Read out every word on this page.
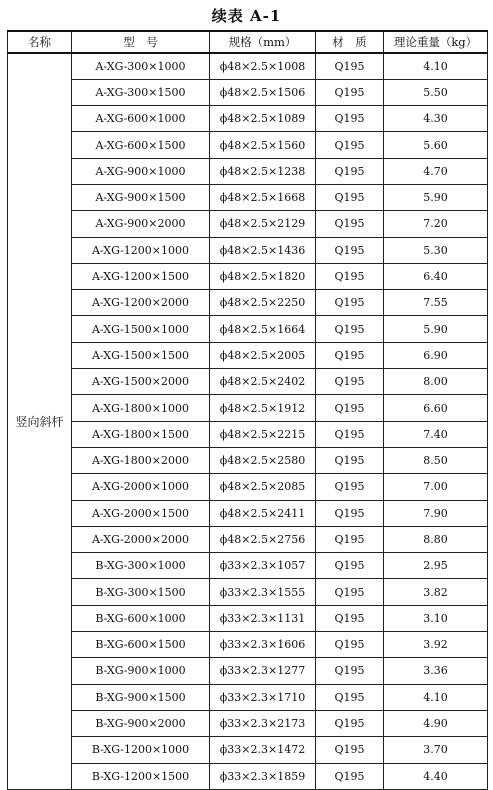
续表 A-1
名称	型　号	规格（mm）	材　质	理论重量（kg）
竖向斜杆	A-XG-300×1000	ϕ48×2.5×1008	Q195	4.10
	A-XG-300×1500	ϕ48×2.5×1506	Q195	5.50
	A-XG-600×1000	ϕ48×2.5×1089	Q195	4.30
	A-XG-600×1500	ϕ48×2.5×1560	Q195	5.60
	A-XG-900×1000	ϕ48×2.5×1238	Q195	4.70
	A-XG-900×1500	ϕ48×2.5×1668	Q195	5.90
	A-XG-900×2000	ϕ48×2.5×2129	Q195	7.20
	A-XG-1200×1000	ϕ48×2.5×1436	Q195	5.30
	A-XG-1200×1500	ϕ48×2.5×1820	Q195	6.40
	A-XG-1200×2000	ϕ48×2.5×2250	Q195	7.55
	A-XG-1500×1000	ϕ48×2.5×1664	Q195	5.90
	A-XG-1500×1500	ϕ48×2.5×2005	Q195	6.90
	A-XG-1500×2000	ϕ48×2.5×2402	Q195	8.00
	A-XG-1800×1000	ϕ48×2.5×1912	Q195	6.60
	A-XG-1800×1500	ϕ48×2.5×2215	Q195	7.40
	A-XG-1800×2000	ϕ48×2.5×2580	Q195	8.50
	A-XG-2000×1000	ϕ48×2.5×2085	Q195	7.00
	A-XG-2000×1500	ϕ48×2.5×2411	Q195	7.90
	A-XG-2000×2000	ϕ48×2.5×2756	Q195	8.80
	B-XG-300×1000	ϕ33×2.3×1057	Q195	2.95
	B-XG-300×1500	ϕ33×2.3×1555	Q195	3.82
	B-XG-600×1000	ϕ33×2.3×1131	Q195	3.10
	B-XG-600×1500	ϕ33×2.3×1606	Q195	3.92
	B-XG-900×1000	ϕ33×2.3×1277	Q195	3.36
	B-XG-900×1500	ϕ33×2.3×1710	Q195	4.10
	B-XG-900×2000	ϕ33×2.3×2173	Q195	4.90
	B-XG-1200×1000	ϕ33×2.3×1472	Q195	3.70
	B-XG-1200×1500	ϕ33×2.3×1859	Q195	4.40
